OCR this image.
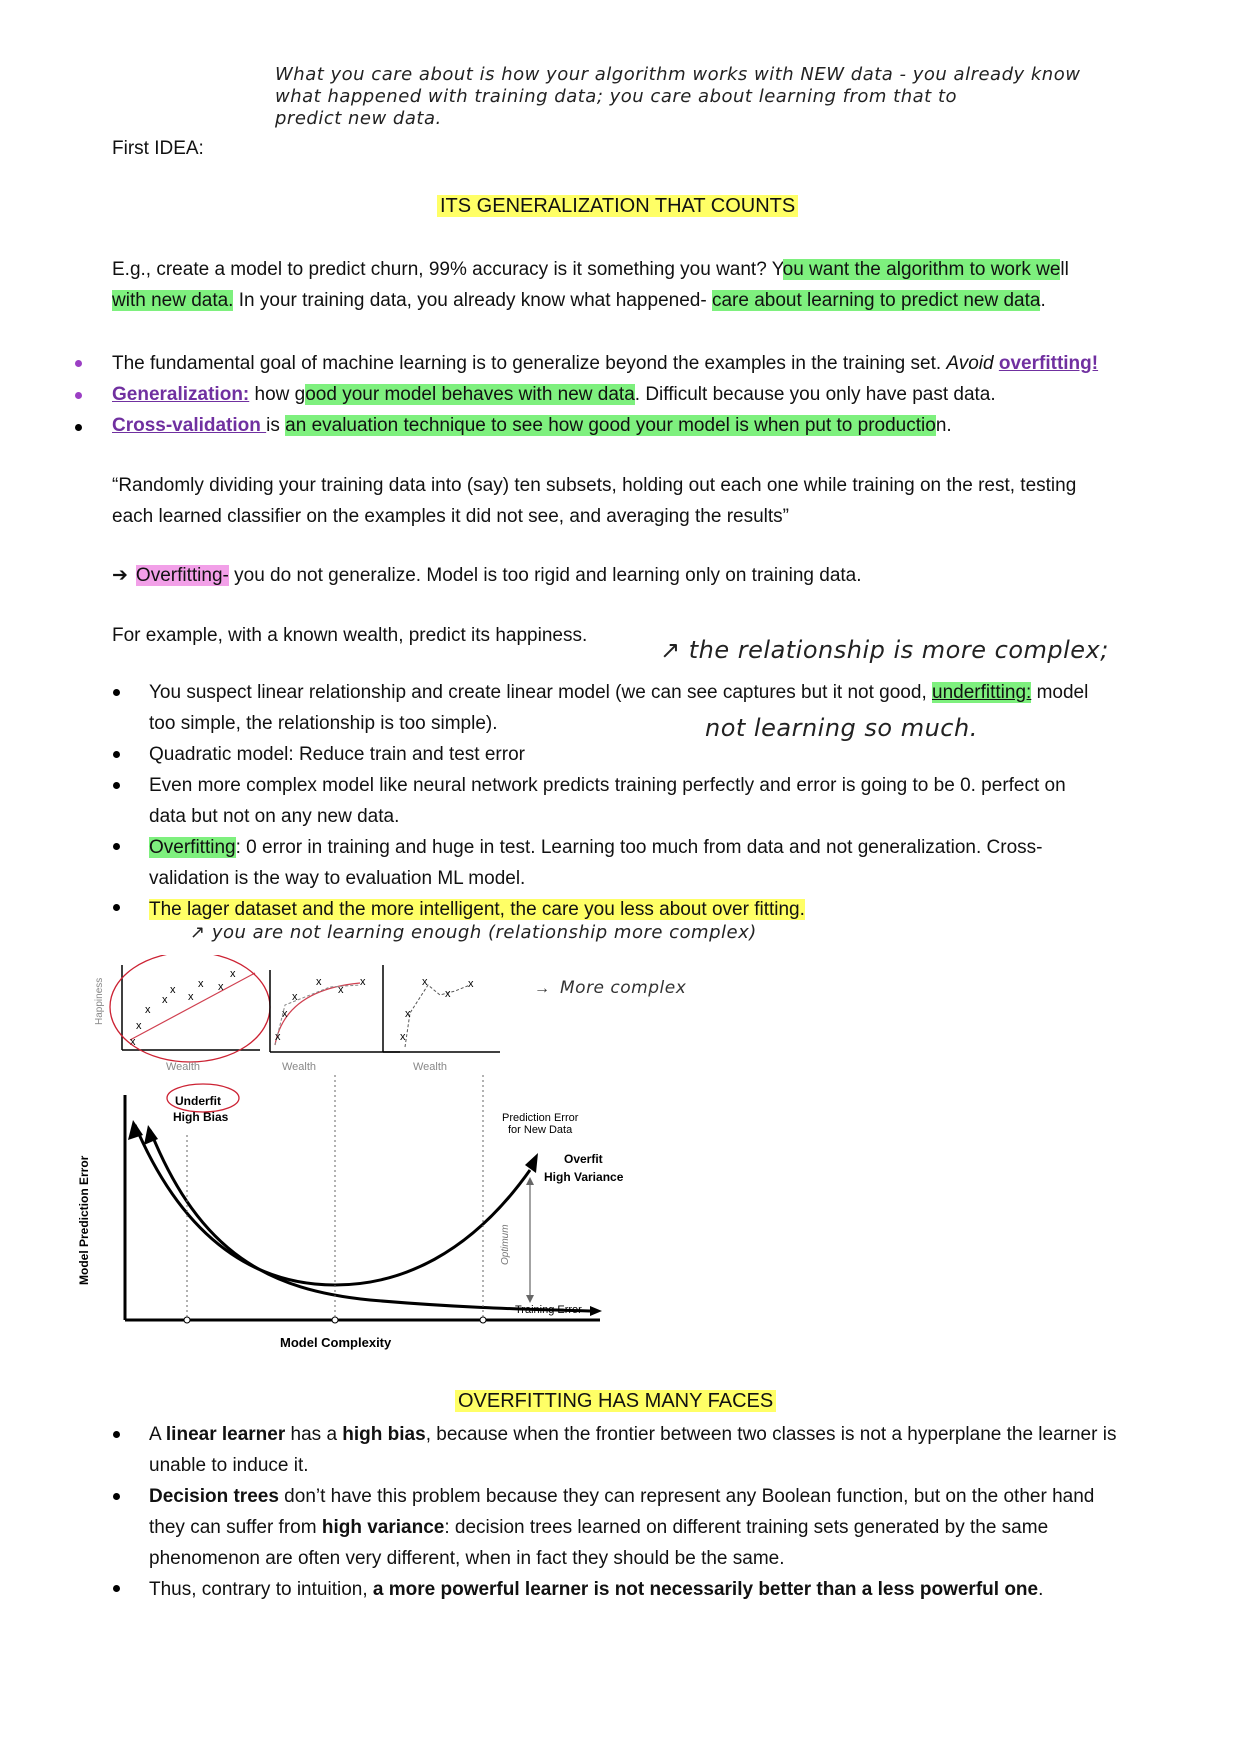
What you care about is how your algorithm works with NEW data - you already know
what happened with training data; you care about learning from that to
predict new data.
First IDEA:
ITS GENERALIZATION THAT COUNTS
E.g., create a model to predict churn, 99% accuracy is it something you want? You want the algorithm to work well
with new data. In your training data, you already know what happened- care about learning to predict new data.
The fundamental goal of machine learning is to generalize beyond the examples in the training set. Avoid overfitting!
Generalization: how good your model behaves with new data. Difficult because you only have past data.
Cross-validation is an evaluation technique to see how good your model is when put to production.
“Randomly dividing your training data into (say) ten subsets, holding out each one while training on the rest, testing
each learned classifier on the examples it did not see, and averaging the results”
➔ Overfitting- you do not generalize. Model is too rigid and learning only on training data.
For example, with a known wealth, predict its happiness.
↗ the relationship is more complex;
not learning so much.
You suspect linear relationship and create linear model (we can see captures but it not good, underfitting: model
too simple, the relationship is too simple).
Quadratic model: Reduce train and test error
Even more complex model like neural network predicts training perfectly and error is going to be 0. perfect on
data but not on any new data.
Overfitting: 0 error in training and huge in test. Learning too much from data and not generalization. Cross-
validation is the way to evaluation ML model.
The lager dataset and the more intelligent, the care you less about over fitting.
↗ you are not learning enough (relationship more complex)
x
x
x
x
x
x
x x
x
Happiness
Wealth
x
x
x
x
x
x
Wealth
x
x
x
x
x
Wealth
More complex
→
Underfit
High Bias	Prediction Error
for New Data
Overfit
High Variance
Optimum
Training Error
Model Prediction Error
Model Complexity
OVERFITTING HAS MANY FACES
A linear learner has a high bias, because when the frontier between two classes is not a hyperplane the learner is
unable to induce it.
Decision trees don’t have this problem because they can represent any Boolean function, but on the other hand
they can suffer from high variance: decision trees learned on different training sets generated by the same
phenomenon are often very different, when in fact they should be the same.
Thus, contrary to intuition, a more powerful learner is not necessarily better than a less powerful one.
